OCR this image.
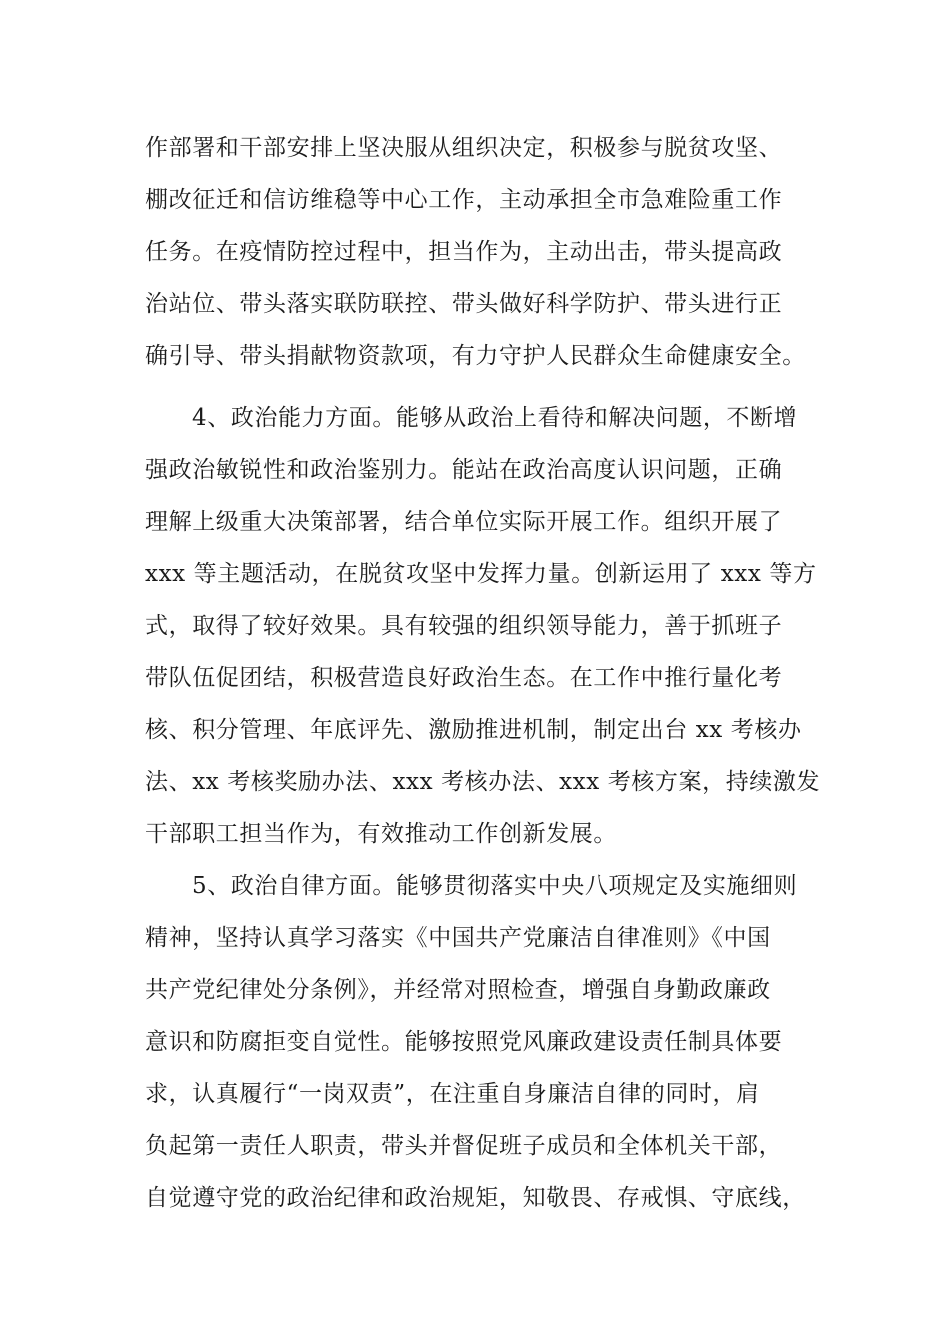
作部署和干部安排上坚决服从组织决定，积极参与脱贫攻坚、
棚改征迁和信访维稳等中心工作，主动承担全市急难险重工作
任务。在疫情防控过程中，担当作为，主动出击，带头提高政
治站位、带头落实联防联控、带头做好科学防护、带头进行正
确引导、带头捐献物资款项，有力守护人民群众生命健康安全。
4、政治能力方面。能够从政治上看待和解决问题，不断增
强政治敏锐性和政治鉴别力。能站在政治高度认识问题，正确
理解上级重大决策部署，结合单位实际开展工作。组织开展了
xxx 等主题活动，在脱贫攻坚中发挥力量。创新运用了 xxx 等方
式，取得了较好效果。具有较强的组织领导能力，善于抓班子
带队伍促团结，积极营造良好政治生态。在工作中推行量化考
核、积分管理、年底评先、激励推进机制，制定出台 xx 考核办
法、xx 考核奖励办法、xxx 考核办法、xxx 考核方案，持续激发
干部职工担当作为，有效推动工作创新发展。
5、政治自律方面。能够贯彻落实中央八项规定及实施细则
精神，坚持认真学习落实《中国共产党廉洁自律准则》《中国
共产党纪律处分条例》，并经常对照检查，增强自身勤政廉政
意识和防腐拒变自觉性。能够按照党风廉政建设责任制具体要
求，认真履行“一岗双责”，在注重自身廉洁自律的同时，肩
负起第一责任人职责，带头并督促班子成员和全体机关干部，
自觉遵守党的政治纪律和政治规矩，知敬畏、存戒惧、守底线，
